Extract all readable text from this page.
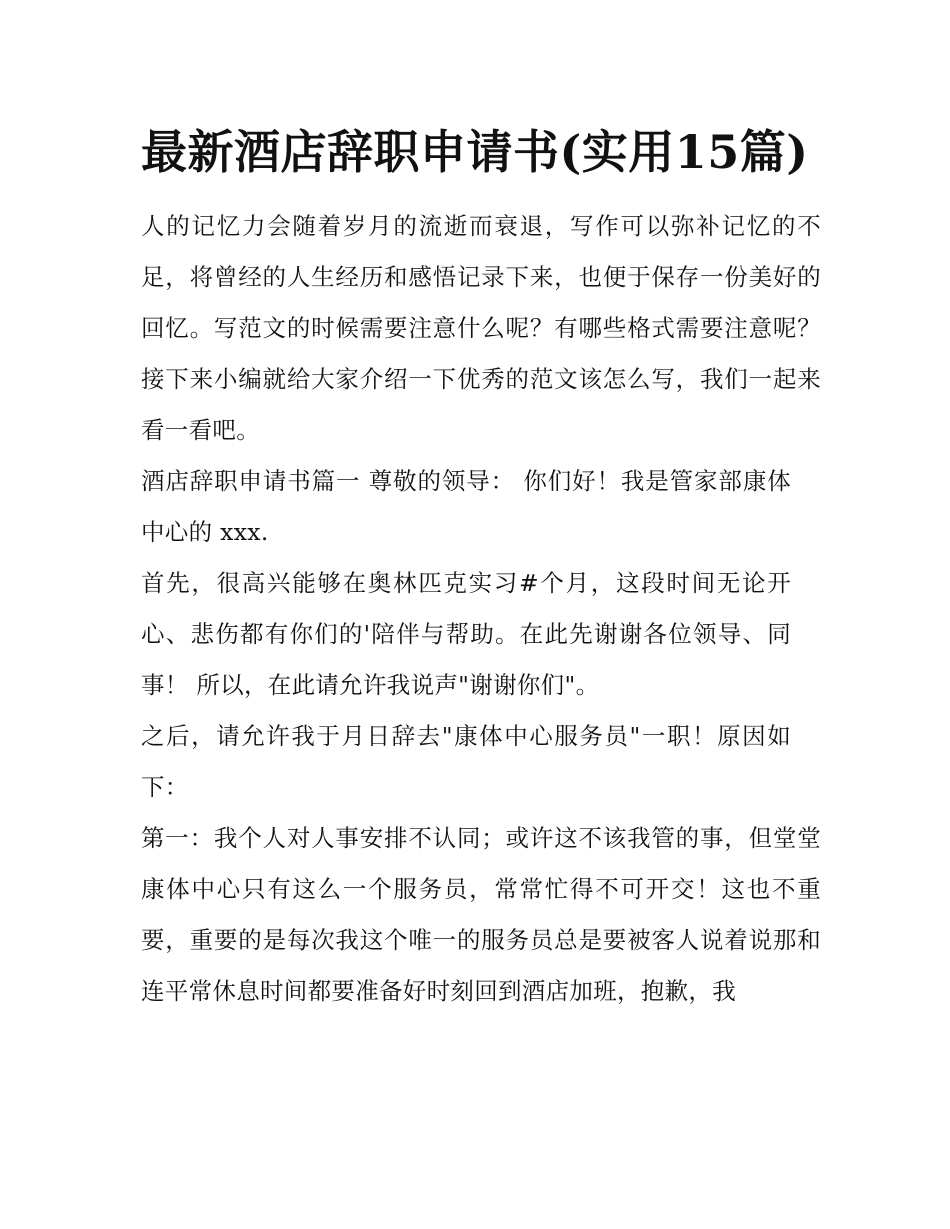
最新酒店辞职申请书(实用15篇)

人的记忆力会随着岁月的流逝而衰退，写作可以弥补记忆的不足，将曾经的人生经历和感悟记录下来，也便于保存一份美好的回忆。写范文的时候需要注意什么呢？有哪些格式需要注意呢？接下来小编就给大家介绍一下优秀的范文该怎么写，我们一起来看一看吧。

酒店辞职申请书篇一 尊敬的领导： 你们好！我是管家部康体中心的 xxx.

首先，很高兴能够在奥林匹克实习#个月，这段时间无论开心、悲伤都有你们的'陪伴与帮助。在此先谢谢各位领导、同事！ 所以，在此请允许我说声"谢谢你们"。

之后，请允许我于月日辞去"康体中心服务员"一职！原因如下：

第一：我个人对人事安排不认同；或许这不该我管的事，但堂堂康体中心只有这么一个服务员，常常忙得不可开交！这也不重要，重要的是每次我这个唯一的服务员总是要被客人说着说那和连平常休息时间都要准备好时刻回到酒店加班，抱歉，我
